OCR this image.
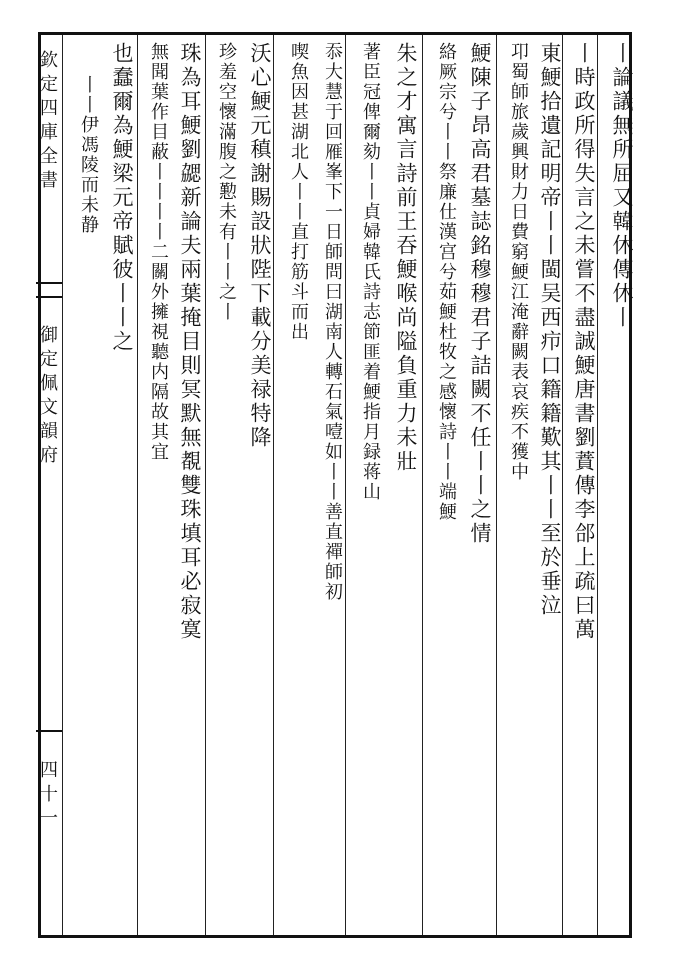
欽定四庫全書
御定佩文韻府
四十一
丨論議無所屈又韓休傳休丨
丨時政所得失言之未嘗不盡誠鯁唐書劉蕡傳李郃上疏曰萬
東鯁拾遺記明帝丨丨閩吴西疖口籍籍歎其丨丨至於垂泣
卭蜀師旅歲興財力日費窮鯁江淹辭闕表哀疾不獲中
鯁陳子昂高君墓誌銘穆穆君子詰闕不任丨丨之情
絡厥宗兮丨丨祭廉仕漢宫兮茹鯁杜牧之感懷詩丨丨端鯁
朱之才寓言詩前王吞鯁喉尚隘負重力未壯
著臣冠俾爾劾丨丨貞婦韓氏詩志節匪着鯁指月録蒋山
忝大慧于回雁峯下一日師問曰湖南人轉石氣噎如丨丨善直禪師初
喫魚因甚湖北人丨丨直打筋斗而出
沃心鯁元稹謝賜設狀陛下載分美禄特降
珍羞空懷滿腹之懃未有丨丨之丨
珠為耳鯁劉勰新論夫兩葉掩目則冥默無覩雙珠填耳必寂寞
無聞葉作目蔽丨丨丨丨二關外擁視聽内隔故其宜
也蠢爾為鯁梁元帝賦彼丨丨之
丨丨伊馮陵而未静
